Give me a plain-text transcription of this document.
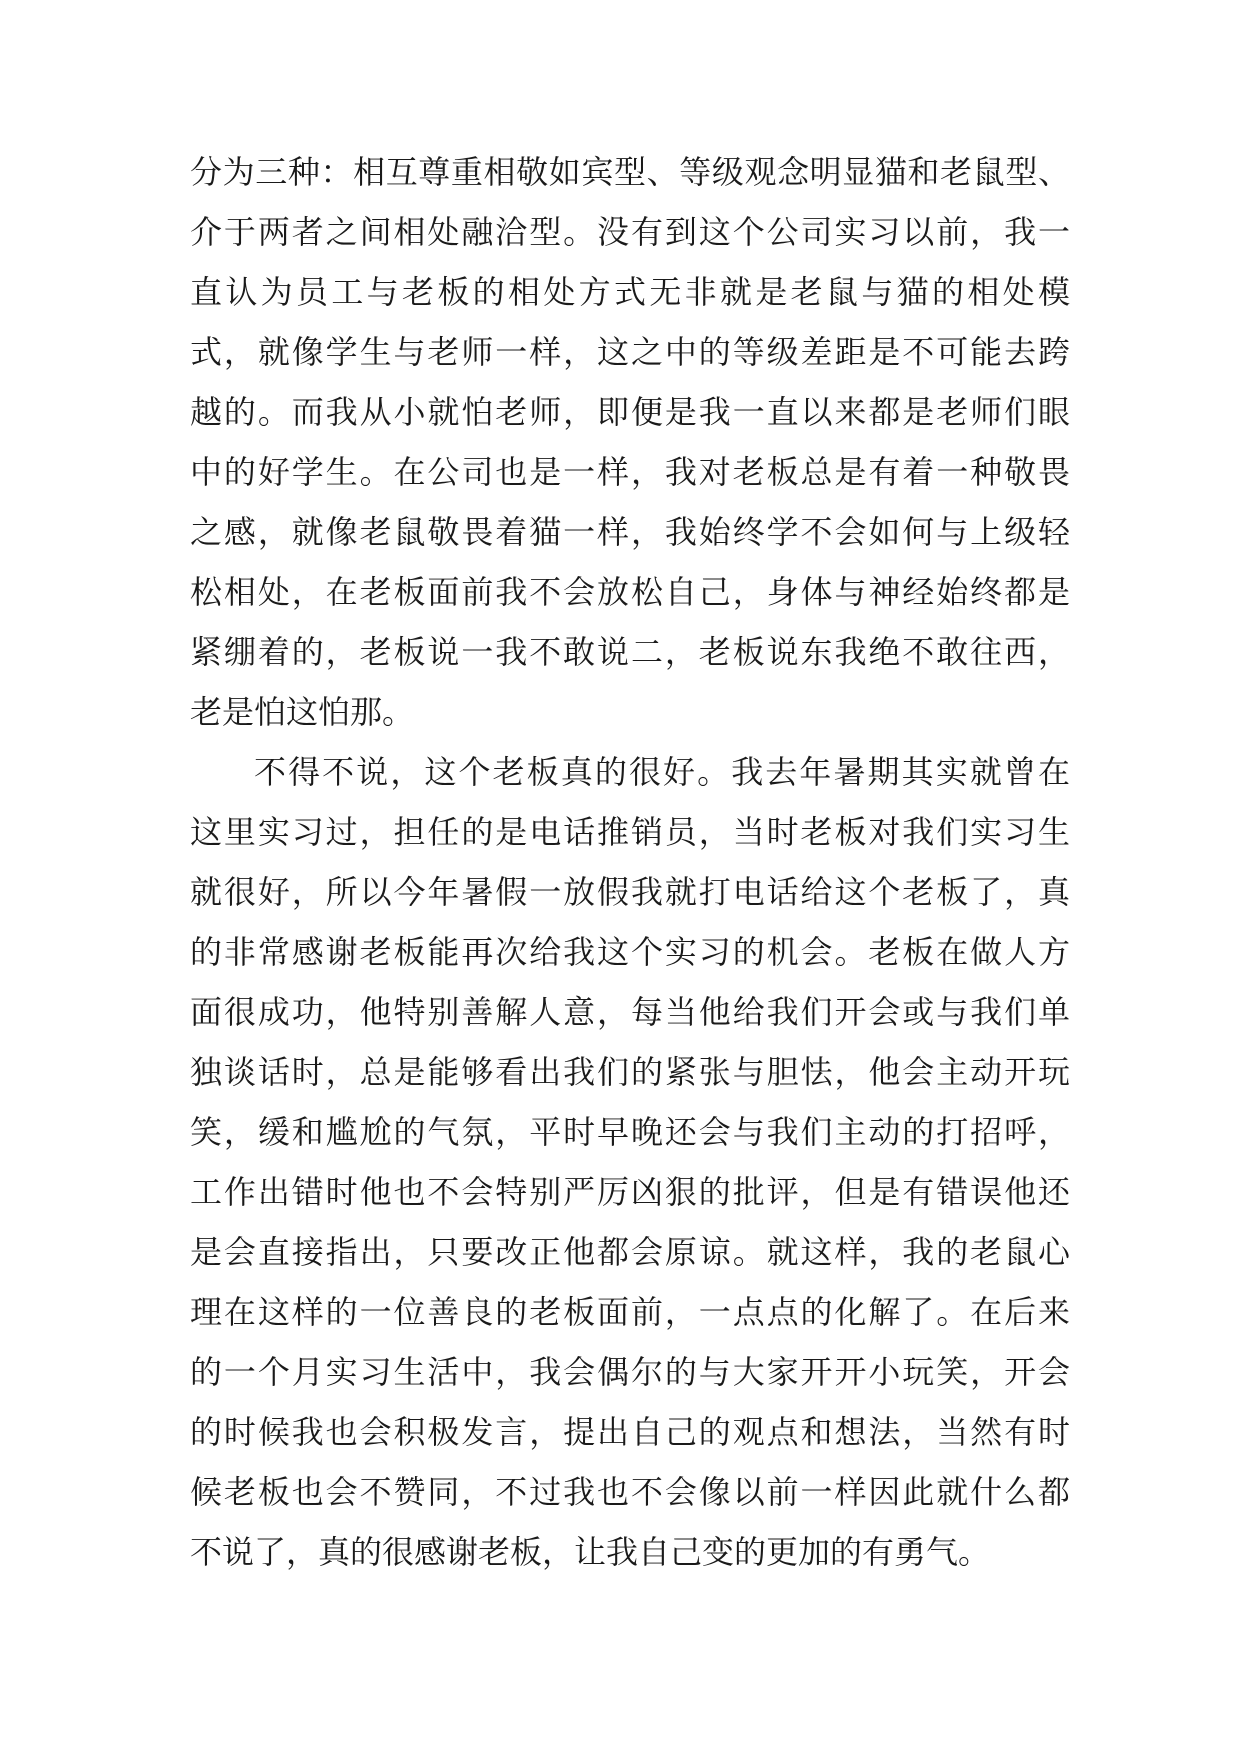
分为三种：相互尊重相敬如宾型、等级观念明显猫和老鼠型、
介于两者之间相处融洽型。没有到这个公司实习以前，我一
直认为员工与老板的相处方式无非就是老鼠与猫的相处模
式，就像学生与老师一样，这之中的等级差距是不可能去跨
越的。而我从小就怕老师，即便是我一直以来都是老师们眼
中的好学生。在公司也是一样，我对老板总是有着一种敬畏
之感，就像老鼠敬畏着猫一样，我始终学不会如何与上级轻
松相处，在老板面前我不会放松自己，身体与神经始终都是
紧绷着的，老板说一我不敢说二，老板说东我绝不敢往西，
老是怕这怕那。
不得不说，这个老板真的很好。我去年暑期其实就曾在
这里实习过，担任的是电话推销员，当时老板对我们实习生
就很好，所以今年暑假一放假我就打电话给这个老板了，真
的非常感谢老板能再次给我这个实习的机会。老板在做人方
面很成功，他特别善解人意，每当他给我们开会或与我们单
独谈话时，总是能够看出我们的紧张与胆怯，他会主动开玩
笑，缓和尴尬的气氛，平时早晚还会与我们主动的打招呼，
工作出错时他也不会特别严厉凶狠的批评，但是有错误他还
是会直接指出，只要改正他都会原谅。就这样，我的老鼠心
理在这样的一位善良的老板面前，一点点的化解了。在后来
的一个月实习生活中，我会偶尔的与大家开开小玩笑，开会
的时候我也会积极发言，提出自己的观点和想法，当然有时
候老板也会不赞同，不过我也不会像以前一样因此就什么都
不说了，真的很感谢老板，让我自己变的更加的有勇气。
